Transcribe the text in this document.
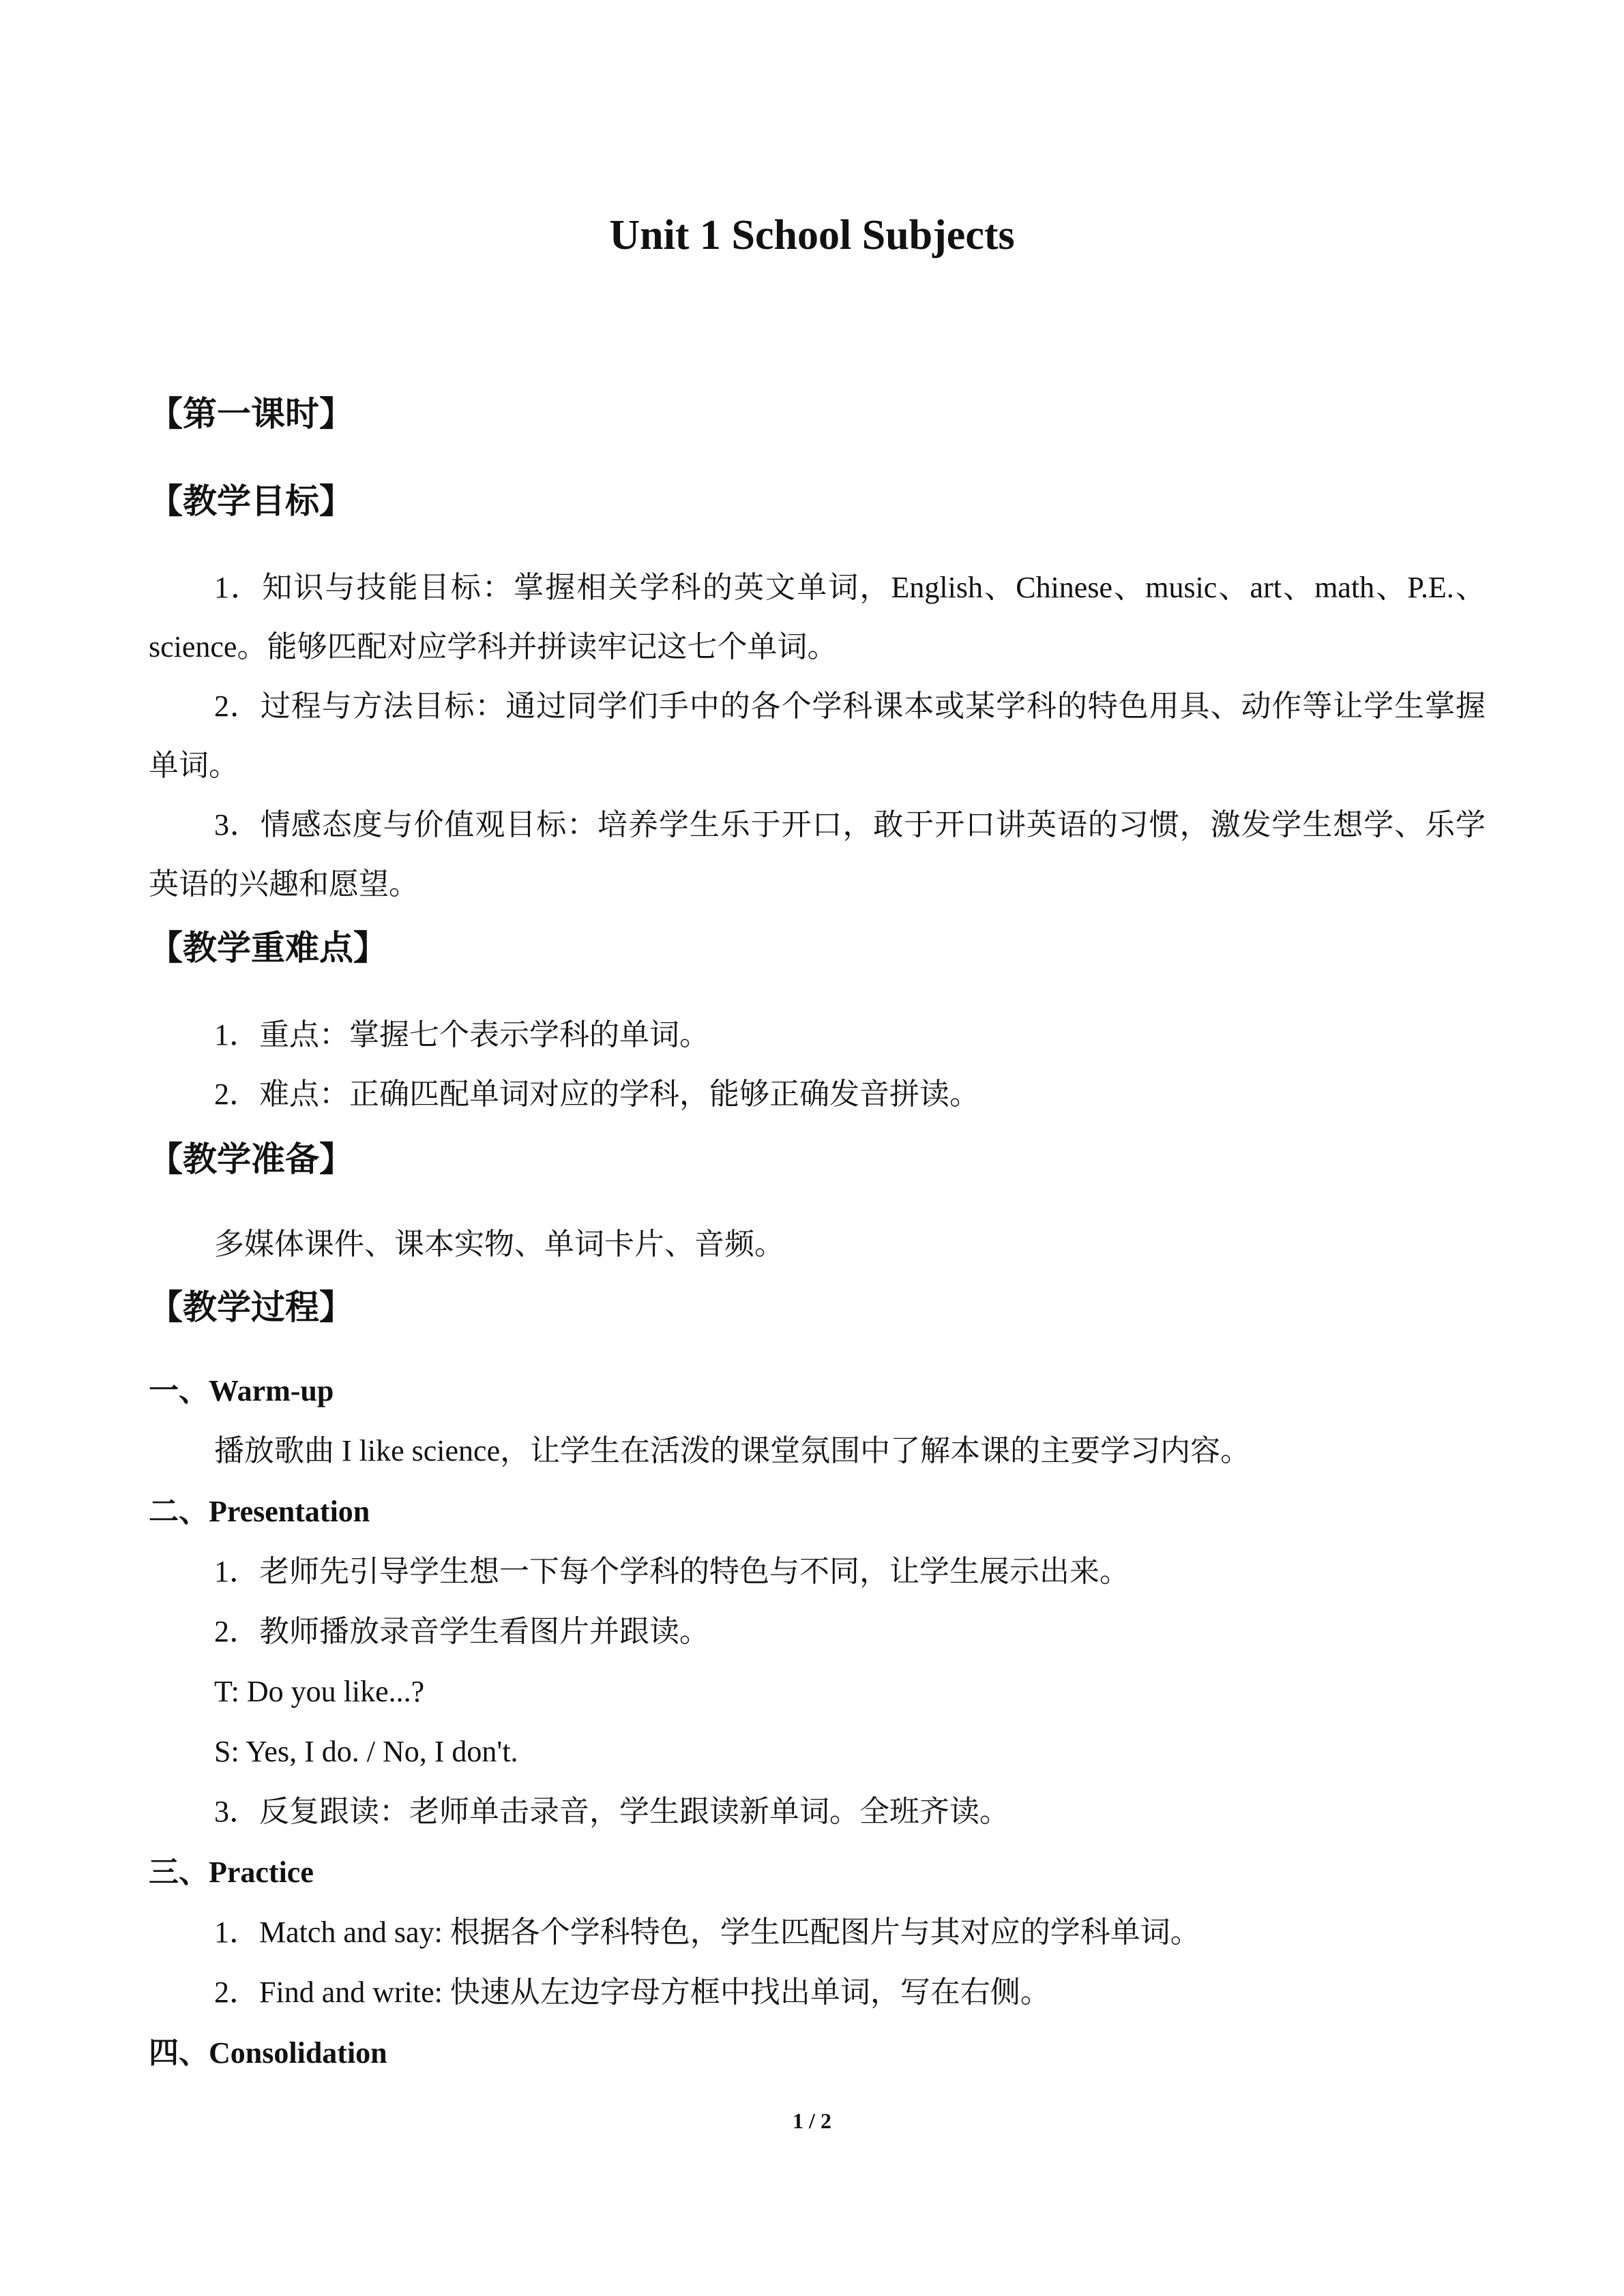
Unit 1 School Subjects
【第一课时】
【教学目标】
1．知识与技能目标：掌握相关学科的英文单词，English、Chinese、music、art、math、P.E.、science。能够匹配对应学科并拼读牢记这七个单词。
2．过程与方法目标：通过同学们手中的各个学科课本或某学科的特色用具、动作等让学生掌握单词。
3．情感态度与价值观目标：培养学生乐于开口，敢于开口讲英语的习惯，激发学生想学、乐学英语的兴趣和愿望。
【教学重难点】
1．重点：掌握七个表示学科的单词。
2．难点：正确匹配单词对应的学科，能够正确发音拼读。
【教学准备】
多媒体课件、课本实物、单词卡片、音频。
【教学过程】
一、Warm-up
播放歌曲 I like science，让学生在活泼的课堂氛围中了解本课的主要学习内容。
二、Presentation
1．老师先引导学生想一下每个学科的特色与不同，让学生展示出来。
2．教师播放录音学生看图片并跟读。
T: Do you like...?
S: Yes, I do. / No, I don't.
3．反复跟读：老师单击录音，学生跟读新单词。全班齐读。
三、Practice
1．Match and say: 根据各个学科特色，学生匹配图片与其对应的学科单词。
2．Find and write: 快速从左边字母方框中找出单词，写在右侧。
四、Consolidation
1 / 2
